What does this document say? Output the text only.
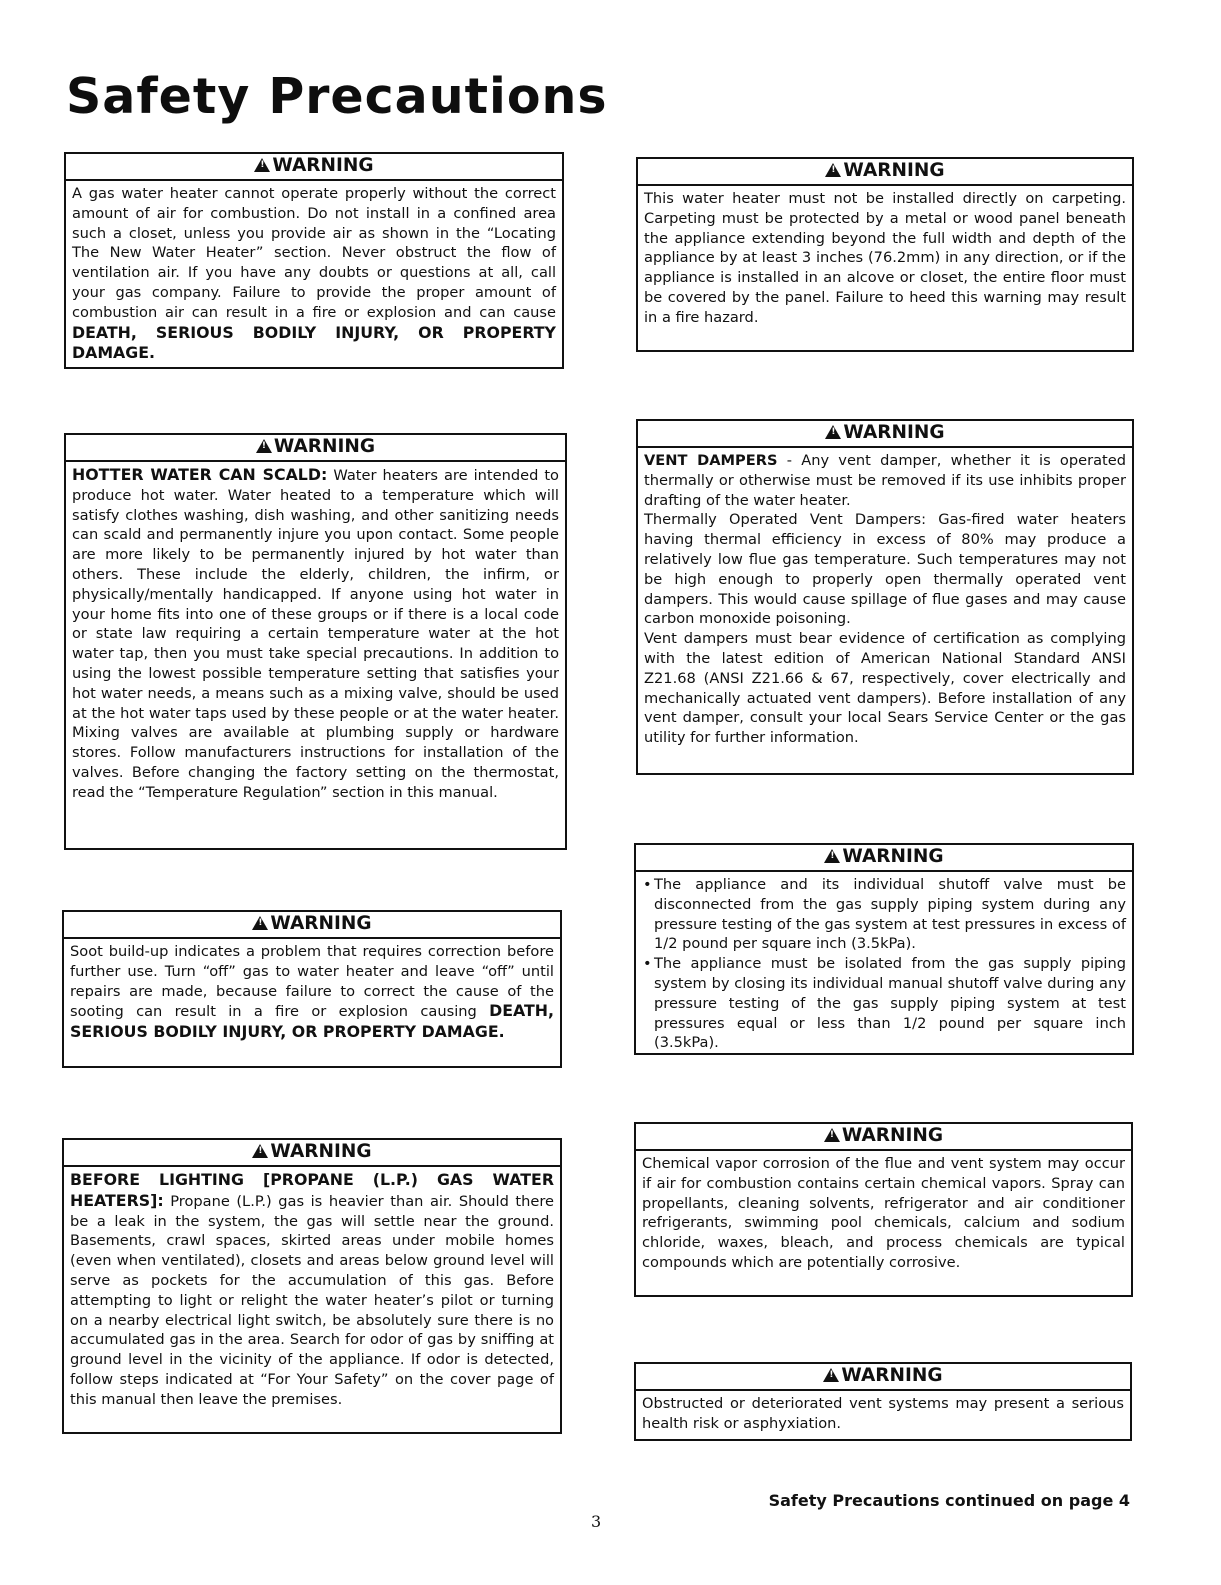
Safety Precautions
!WARNING
A gas water heater cannot operate properly without the correct amount of air for combustion. Do not install in a confined area such a closet, unless you provide air as shown in the “Locating The New Water Heater” section. Never obstruct the flow of ventilation air. If you have any doubts or questions at all, call your gas company. Failure to provide the proper amount of combustion air can result in a fire or explosion and can cause DEATH, SERIOUS BODILY INJURY, OR PROPERTY DAMAGE.
!WARNING
HOTTER WATER CAN SCALD: Water heaters are intended to produce hot water. Water heated to a temperature which will satisfy clothes washing, dish washing, and other sanitizing needs can scald and permanently injure you upon contact. Some people are more likely to be permanently injured by hot water than others. These include the elderly, children, the infirm, or physically/mentally handicapped. If anyone using hot water in your home fits into one of these groups or if there is a local code or state law requiring a certain temperature water at the hot water tap, then you must take special precautions. In addition to using the lowest possible temperature setting that satisfies your hot water needs, a means such as a mixing valve, should be used at the hot water taps used by these people or at the water heater. Mixing valves are available at plumbing supply or hardware stores. Follow manufacturers instructions for installation of the valves. Before changing the factory setting on the thermostat, read the “Temperature Regulation” section in this manual.
!WARNING
Soot build-up indicates a problem that requires correction before further use. Turn “off” gas to water heater and leave “off” until repairs are made, because failure to correct the cause of the sooting can result in a fire or explosion causing DEATH, SERIOUS BODILY INJURY, OR PROPERTY DAMAGE.
!WARNING
BEFORE LIGHTING [PROPANE (L.P.) GAS WATER HEATERS]: Propane (L.P.) gas is heavier than air. Should there be a leak in the system, the gas will settle near the ground. Basements, crawl spaces, skirted areas under mobile homes (even when ventilated), closets and areas below ground level will serve as pockets for the accumulation of this gas. Before attempting to light or relight the water heater’s pilot or turning on a nearby electrical light switch, be absolutely sure there is no accumulated gas in the area. Search for odor of gas by sniffing at ground level in the vicinity of the appliance. If odor is detected, follow steps indicated at “For Your Safety” on the cover page of this manual then leave the premises.
!WARNING
This water heater must not be installed directly on carpeting. Carpeting must be protected by a metal or wood panel beneath the appliance extending beyond the full width and depth of the appliance by at least 3 inches (76.2mm) in any direction, or if the appliance is installed in an alcove or closet, the entire floor must be covered by the panel. Failure to heed this warning may result in a fire hazard.
!WARNING

VENT DAMPERS - Any vent damper, whether it is operated thermally or otherwise must be removed if its use inhibits proper drafting of the water heater.

Thermally Operated Vent Dampers: Gas-fired water heaters having thermal efficiency in excess of 80% may produce a relatively low flue gas temperature. Such temperatures may not be high enough to properly open thermally operated vent dampers. This would cause spillage of flue gases and may cause carbon monoxide poisoning.

Vent dampers must bear evidence of certification as complying with the latest edition of American National Standard ANSI Z21.68 (ANSI Z21.66 & 67, respectively, cover electrically and mechanically actuated vent dampers). Before installation of any vent damper, consult your local Sears Service Center or the gas utility for further information.

!WARNING
• The appliance and its individual shutoff valve must be disconnected from the gas supply piping system during any pressure testing of the gas system at test pressures in excess of 1/2 pound per square inch (3.5kPa).
• The appliance must be isolated from the gas supply piping system by closing its individual manual shutoff valve during any pressure testing of the gas supply piping system at test pressures equal or less than 1/2 pound per square inch (3.5kPa).
!WARNING
Chemical vapor corrosion of the flue and vent system may occur if air for combustion contains certain chemical vapors. Spray can propellants, cleaning solvents, refrigerator and air conditioner refrigerants, swimming pool chemicals, calcium and sodium chloride, waxes, bleach, and process chemicals are typical compounds which are potentially corrosive.
!WARNING
Obstructed or deteriorated vent systems may present a serious health risk or asphyxiation.
Safety Precautions continued on page 4
3
